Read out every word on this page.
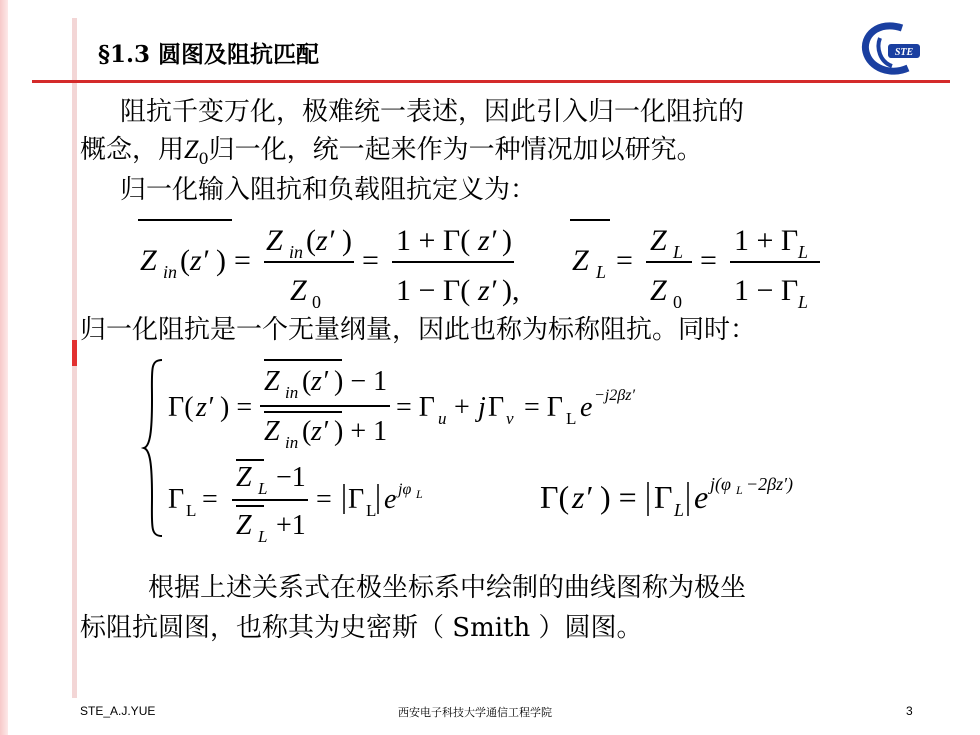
§1.3 圆图及阻抗匹配	STE
阻抗千变万化，极难统一表述，因此引入归一化阻抗的
概念，用$Z_0$归一化，统一起来作为一种情况加以研究。
归一化输入阻抗和负载阻抗定义为：
Z in ( z′ ) =
Z in ( z′ )
Z 0
=
1 + Γ( z′ )
1 − Γ( z′ ),
Z L =
Z L
Z 0
=
1 + Γ L
1 − Γ L
归一化阻抗是一个无量纲量，因此也称为标称阻抗。同时：
Γ( z′ ) =
Z in ( z′ ) − 1
Z in ( z′ ) + 1
= Γ u + j Γ v = Γ L e −j2βz′
Γ L =
Z L −1
Z L +1
= Γ L e jφ L	Γ( z′ ) = Γ L e j(φ L −2βz′)
根据上述关系式在极坐标系中绘制的曲线图称为极坐
标阻抗圆图，也称其为史密斯（ Smith ）圆图。
STE_A.J.YUE	西安电子科技大学通信工程学院	3
